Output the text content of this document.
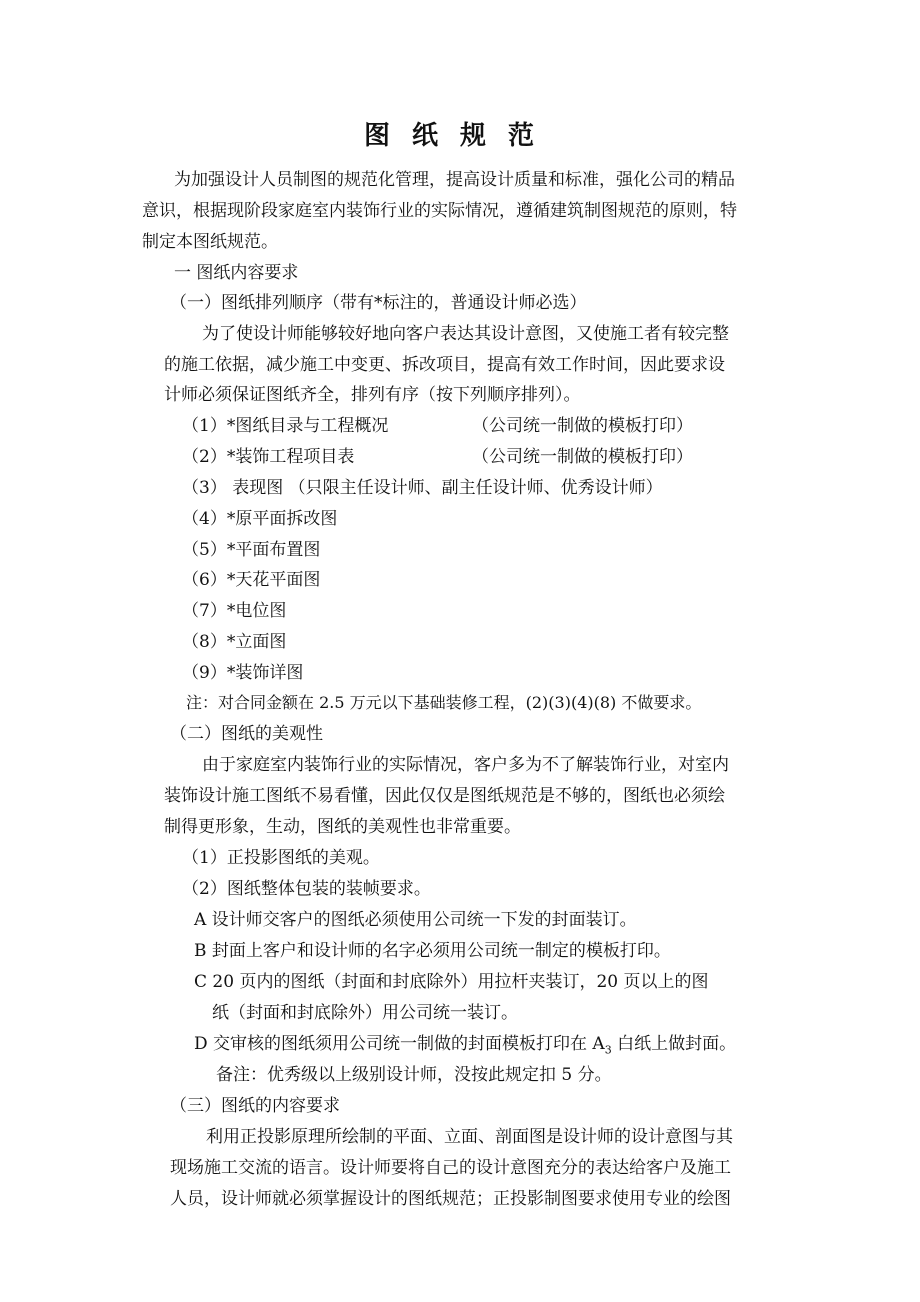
图纸规范
为加强设计人员制图的规范化管理，提高设计质量和标准，强化公司的精品
意识，根据现阶段家庭室内装饰行业的实际情况，遵循建筑制图规范的原则，特
制定本图纸规范。
一 图纸内容要求
（一）图纸排列顺序（带有*标注的，普通设计师必选）
为了使设计师能够较好地向客户表达其设计意图，又使施工者有较完整
的施工依据，减少施工中变更、拆改项目，提高有效工作时间，因此要求设
计师必须保证图纸齐全，排列有序（按下列顺序排列）。
（1）*图纸目录与工程概况	（公司统一制做的模板打印）
（2）*装饰工程项目表	（公司统一制做的模板打印）
（3） 表现图 （只限主任设计师、副主任设计师、优秀设计师）
（4）*原平面拆改图
（5）*平面布置图
（6）*天花平面图
（7）*电位图
（8）*立面图
（9）*装饰详图
注：对合同金额在 2.5 万元以下基础装修工程，(2)(3)(4)(8) 不做要求。
（二）图纸的美观性
由于家庭室内装饰行业的实际情况，客户多为不了解装饰行业，对室内
装饰设计施工图纸不易看懂，因此仅仅是图纸规范是不够的，图纸也必须绘
制得更形象，生动，图纸的美观性也非常重要。
（1）正投影图纸的美观。
（2）图纸整体包装的装帧要求。
A 设计师交客户的图纸必须使用公司统一下发的封面装订。
B 封面上客户和设计师的名字必须用公司统一制定的模板打印。
C 20 页内的图纸（封面和封底除外）用拉杆夹装订，20 页以上的图
纸（封面和封底除外）用公司统一装订。
D 交审核的图纸须用公司统一制做的封面模板打印在 $A_3$ 白纸上做封面。
备注：优秀级以上级别设计师，没按此规定扣 5 分。
（三）图纸的内容要求
利用正投影原理所绘制的平面、立面、剖面图是设计师的设计意图与其
现场施工交流的语言。设计师要将自己的设计意图充分的表达给客户及施工
人员，设计师就必须掌握设计的图纸规范；正投影制图要求使用专业的绘图
